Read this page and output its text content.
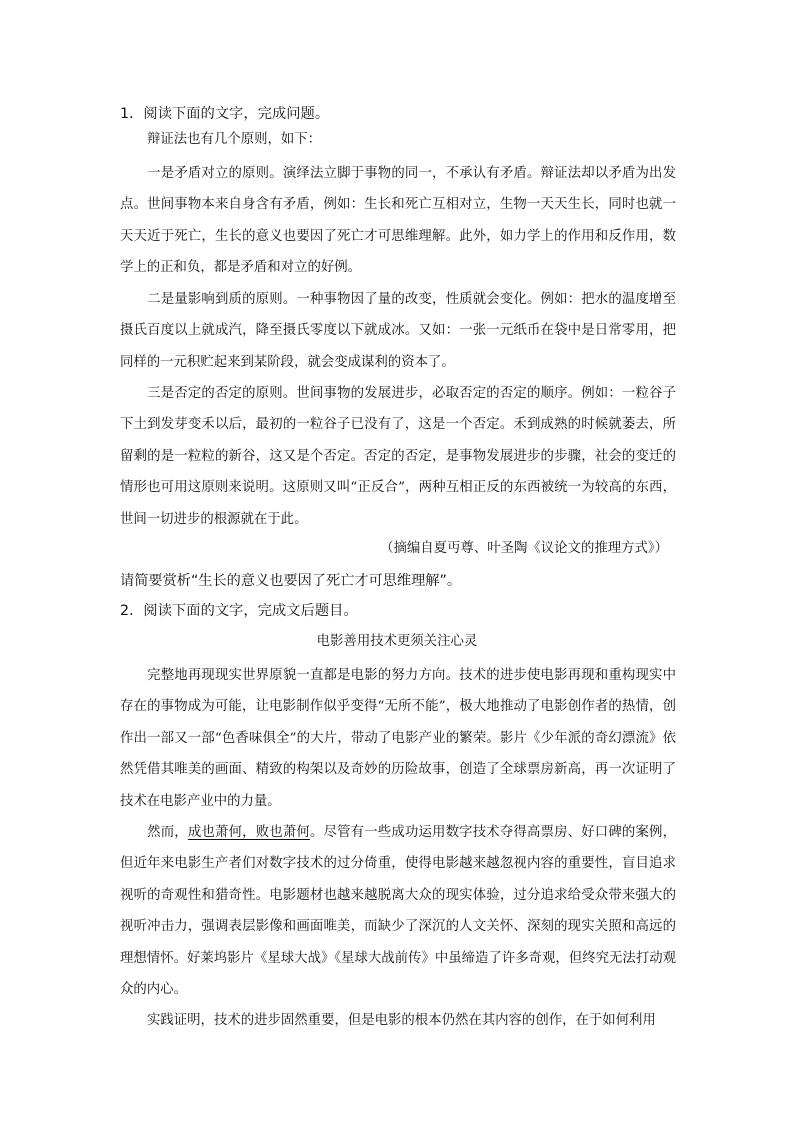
1．阅读下面的文字，完成问题。

辩证法也有几个原则，如下：

一是矛盾对立的原则。演绎法立脚于事物的同一，不承认有矛盾。辩证法却以矛盾为出发点。世间事物本来自身含有矛盾，例如：生长和死亡互相对立，生物一天天生长，同时也就一天天近于死亡，生长的意义也要因了死亡才可思维理解。此外，如力学上的作用和反作用，数学上的正和负，都是矛盾和对立的好例。

二是量影响到质的原则。一种事物因了量的改变，性质就会变化。例如：把水的温度增至摄氏百度以上就成汽，降至摄氏零度以下就成冰。又如：一张一元纸币在袋中是日常零用，把同样的一元积贮起来到某阶段，就会变成谋利的资本了。

三是否定的否定的原则。世间事物的发展进步，必取否定的否定的顺序。例如：一粒谷子下土到发芽变禾以后，最初的一粒谷子已没有了，这是一个否定。禾到成熟的时候就萎去，所留剩的是一粒粒的新谷，这又是个否定。否定的否定，是事物发展进步的步骤，社会的变迁的情形也可用这原则来说明。这原则又叫“正反合”，两种互相正反的东西被统一为较高的东西，世间一切进步的根源就在于此。

（摘编自夏丏尊、叶圣陶《议论文的推理方式》）
请简要赏析“生长的意义也要因了死亡才可思维理解”。
2．阅读下面的文字，完成文后题目。
电影善用技术更须关注心灵

完整地再现现实世界原貌一直都是电影的努力方向。技术的进步使电影再现和重构现实中存在的事物成为可能，让电影制作似乎变得“无所不能”，极大地推动了电影创作者的热情，创作出一部又一部“色香味俱全”的大片，带动了电影产业的繁荣。影片《少年派的奇幻漂流》依然凭借其唯美的画面、精致的构架以及奇妙的历险故事，创造了全球票房新高，再一次证明了技术在电影产业中的力量。

然而，成也萧何，败也萧何。尽管有一些成功运用数字技术夺得高票房、好口碑的案例，但近年来电影生产者们对数字技术的过分倚重，使得电影越来越忽视内容的重要性，盲目追求视听的奇观性和猎奇性。电影题材也越来越脱离大众的现实体验，过分追求给受众带来强大的视听冲击力，强调表层影像和画面唯美，而缺少了深沉的人文关怀、深刻的现实关照和高远的理想情怀。好莱坞影片《星球大战》《星球大战前传》中虽缔造了许多奇观，但终究无法打动观众的内心。

实践证明，技术的进步固然重要，但是电影的根本仍然在其内容的创作，在于如何利用
